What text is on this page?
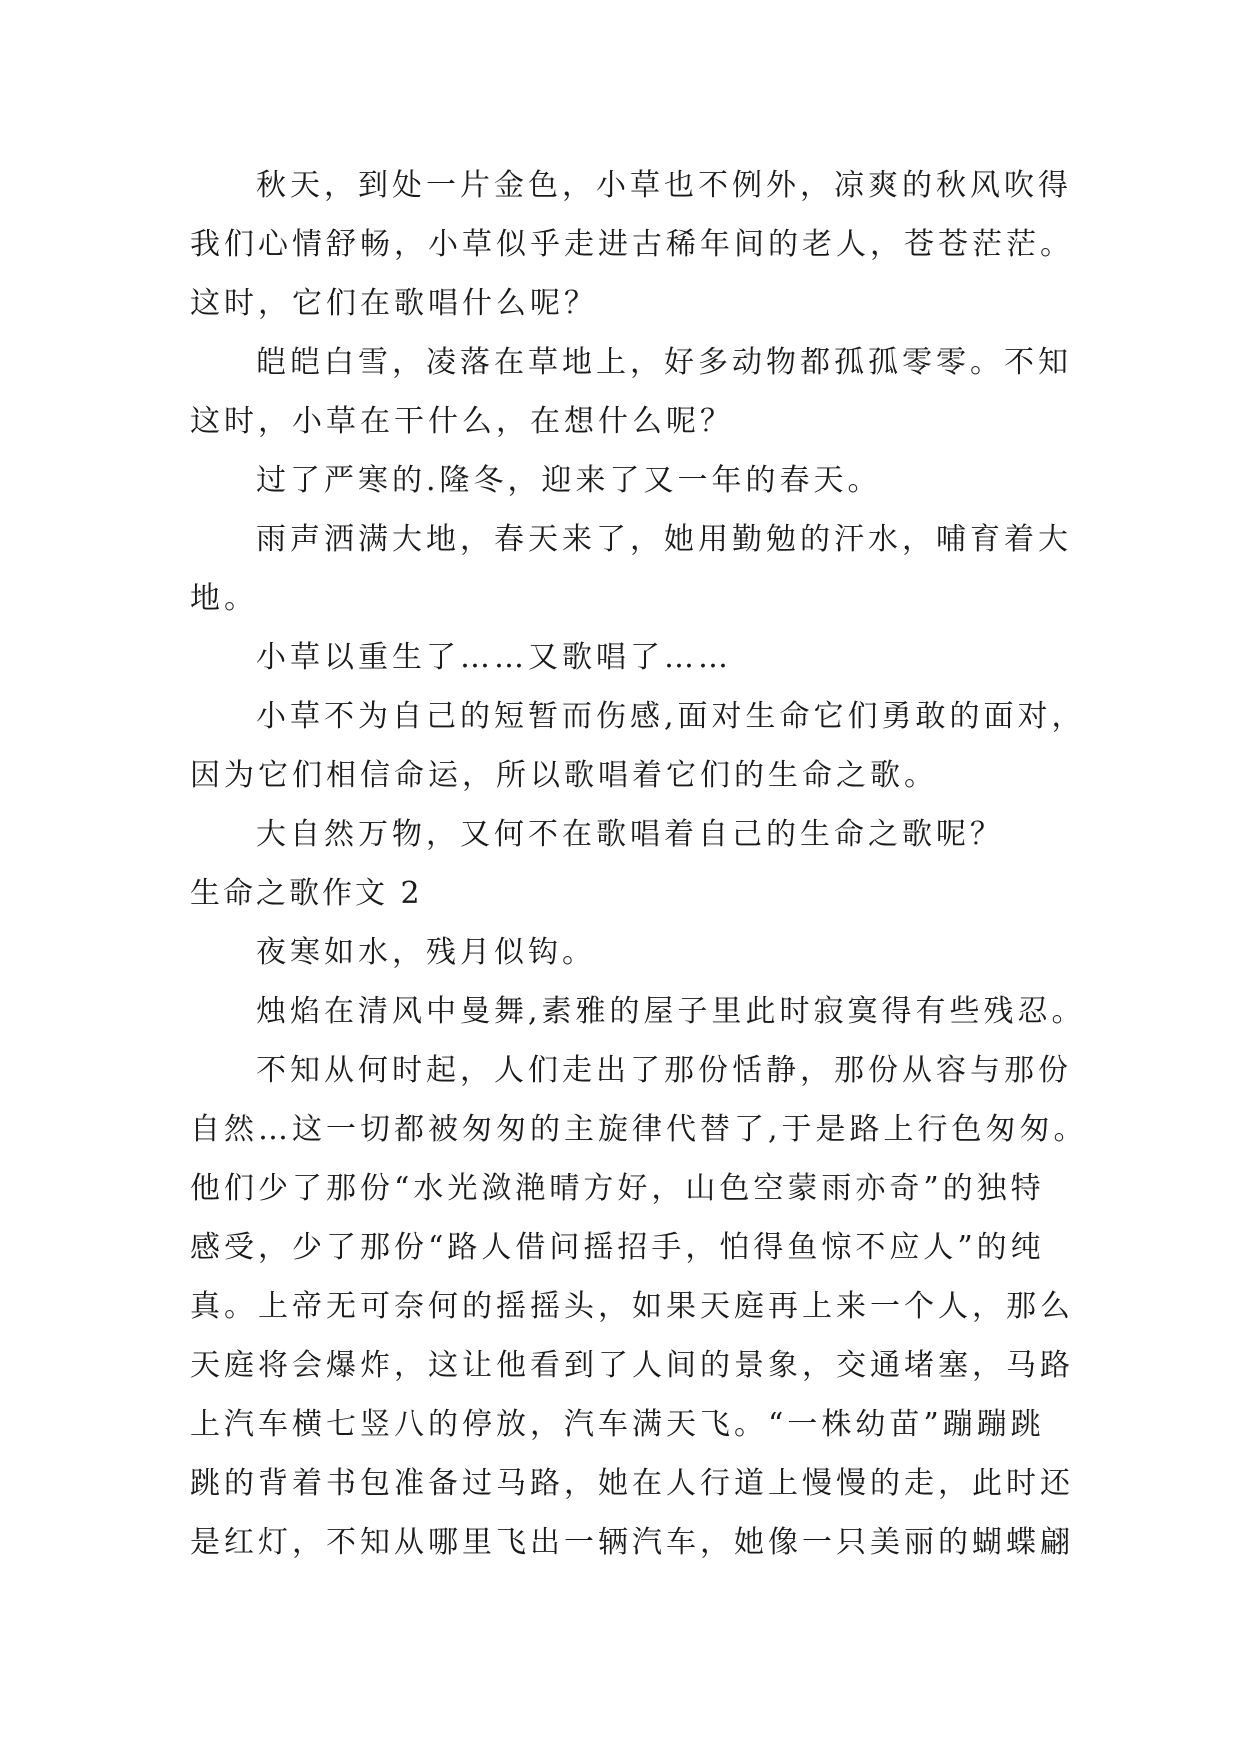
秋天，到处一片金色，小草也不例外，凉爽的秋风吹得
我们心情舒畅，小草似乎走进古稀年间的老人，苍苍茫茫。
这时，它们在歌唱什么呢？
皑皑白雪，凌落在草地上，好多动物都孤孤零零。不知
这时，小草在干什么，在想什么呢？
过了严寒的.隆冬，迎来了又一年的春天。
雨声洒满大地，春天来了，她用勤勉的汗水，哺育着大
地。
小草以重生了……又歌唱了……
小草不为自己的短暂而伤感,面对生命它们勇敢的面对，
因为它们相信命运，所以歌唱着它们的生命之歌。
大自然万物，又何不在歌唱着自己的生命之歌呢？
生命之歌作文 2
夜寒如水，残月似钩。
烛焰在清风中曼舞,素雅的屋子里此时寂寞得有些残忍。
不知从何时起，人们走出了那份恬静，那份从容与那份
自然…这一切都被匆匆的主旋律代替了,于是路上行色匆匆。
他们少了那份“水光潋滟晴方好，山色空蒙雨亦奇”的独特
感受，少了那份“路人借问摇招手，怕得鱼惊不应人”的纯
真。上帝无可奈何的摇摇头，如果天庭再上来一个人，那么
天庭将会爆炸，这让他看到了人间的景象，交通堵塞，马路
上汽车横七竖八的停放，汽车满天飞。“一株幼苗”蹦蹦跳
跳的背着书包准备过马路，她在人行道上慢慢的走，此时还
是红灯，不知从哪里飞出一辆汽车，她像一只美丽的蝴蝶翩
